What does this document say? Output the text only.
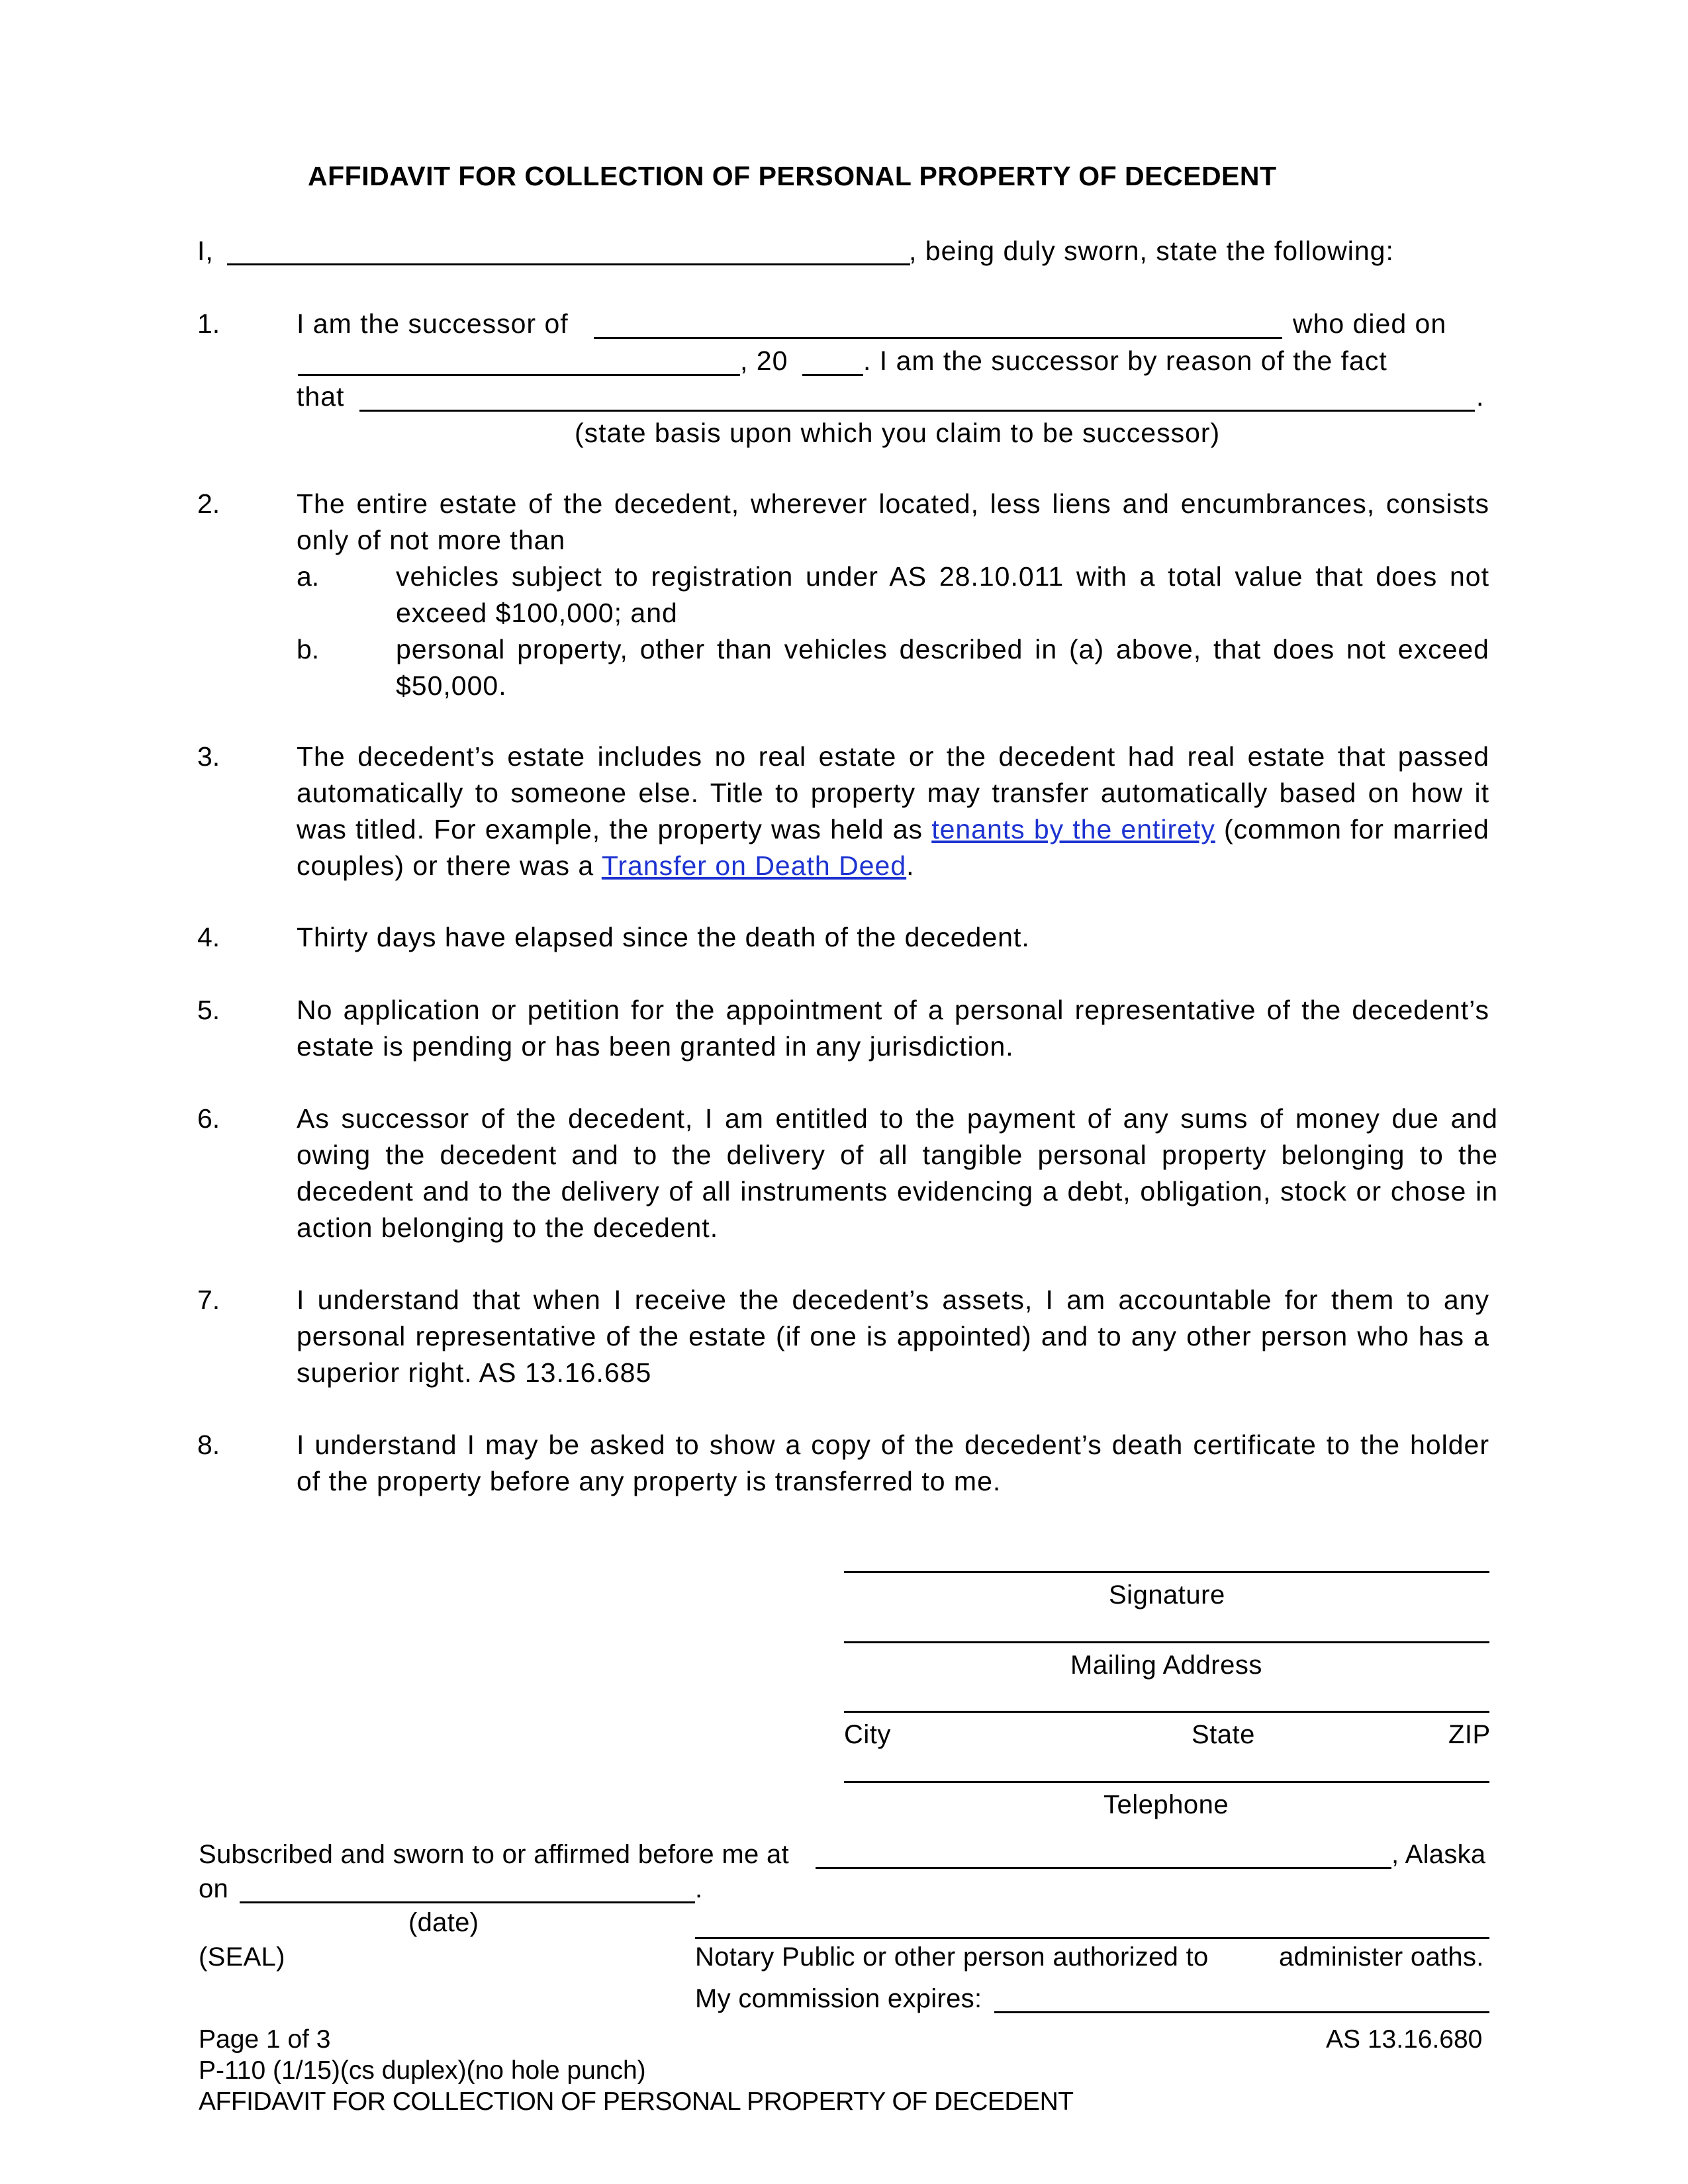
AFFIDAVIT FOR COLLECTION OF PERSONAL PROPERTY OF DECEDENT
I,	, being duly sworn, state the following:
1.	I am the successor of	who died on
, 20	. I am the successor by reason of the fact
that	.
(state basis upon which you claim to be successor)
2.	The entire estate of the decedent, wherever located, less liens and encumbrances, consists only of not more than
a.	vehicles subject to registration under AS 28.10.011 with a total value that does not exceed $100,000; and
b.	personal property, other than vehicles described in (a) above, that does not exceed $50,000.
3.	The decedent’s estate includes no real estate or the decedent had real estate that passed automatically to someone else. Title to property may transfer automatically based on how it was titled. For example, the property was held as tenants by the entirety (common for married couples) or there was a Transfer on Death Deed.
4.	Thirty days have elapsed since the death of the decedent.
5.	No application or petition for the appointment of a personal representative of the decedent’s estate is pending or has been granted in any jurisdiction.
6.	As successor of the decedent, I am entitled to the payment of any sums of money due and owing the decedent and to the delivery of all tangible personal property belonging to the decedent and to the delivery of all instruments evidencing a debt, obligation, stock or chose in action belonging to the decedent.
7.	I understand that when I receive the decedent’s assets, I am accountable for them to any personal representative of the estate (if one is appointed) and to any other person who has a superior right. AS 13.16.685
8.	I understand I may be asked to show a copy of the decedent’s death certificate to the holder of the property before any property is transferred to me.
Signature
Mailing Address
City	State	ZIP
Telephone
Subscribed and sworn to or affirmed before me at	, Alaska
on	.
(date)
(SEAL)	Notary Public or other person authorized to	administer oaths.
My commission expires:
Page 1 of 3	AS 13.16.680
P-110 (1/15)(cs duplex)(no hole punch)
AFFIDAVIT FOR COLLECTION OF PERSONAL PROPERTY OF DECEDENT
